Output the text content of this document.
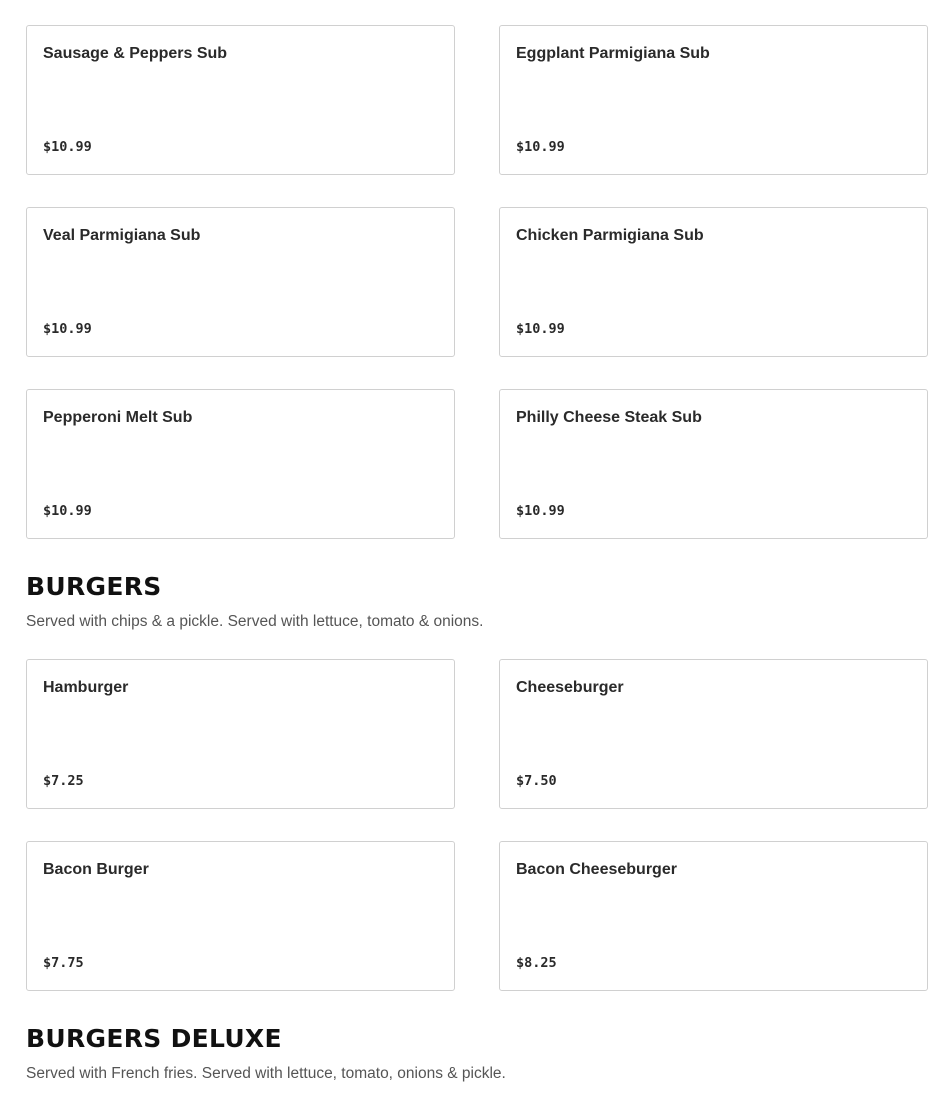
Sausage & Peppers Sub
$10.99
Eggplant Parmigiana Sub
$10.99
Veal Parmigiana Sub
$10.99
Chicken Parmigiana Sub
$10.99
Pepperoni Melt Sub
$10.99
Philly Cheese Steak Sub
$10.99
BURGERS

Served with chips & a pickle. Served with lettuce, tomato & onions.

Hamburger
$7.25
Cheeseburger
$7.50
Bacon Burger
$7.75
Bacon Cheeseburger
$8.25
BURGERS DELUXE

Served with French fries. Served with lettuce, tomato, onions & pickle.
